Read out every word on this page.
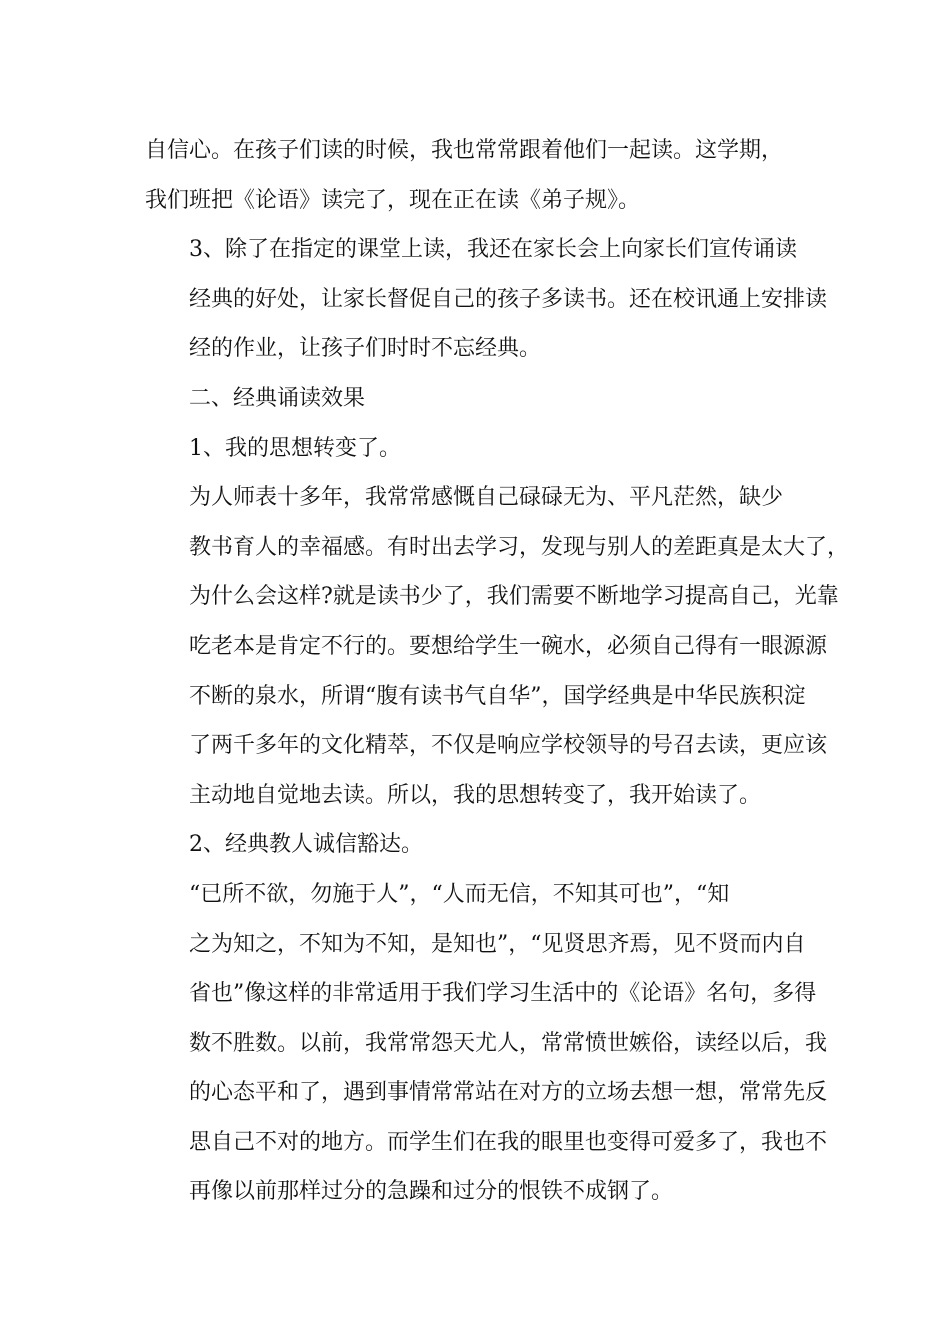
自信心。在孩子们读的时候，我也常常跟着他们一起读。这学期，
我们班把《论语》读完了，现在正在读《弟子规》。

3、除了在指定的课堂上读，我还在家长会上向家长们宣传诵读
经典的好处，让家长督促自己的孩子多读书。还在校讯通上安排读
经的作业，让孩子们时时不忘经典。

二、经典诵读效果

1、我的思想转变了。

为人师表十多年，我常常感慨自己碌碌无为、平凡茫然，缺少
教书育人的幸福感。有时出去学习，发现与别人的差距真是太大了，
为什么会这样?就是读书少了，我们需要不断地学习提高自己，光靠
吃老本是肯定不行的。要想给学生一碗水，必须自己得有一眼源源
不断的泉水，所谓“腹有读书气自华”，国学经典是中华民族积淀
了两千多年的文化精萃，不仅是响应学校领导的号召去读，更应该
主动地自觉地去读。所以，我的思想转变了，我开始读了。

2、经典教人诚信豁达。

“已所不欲，勿施于人”，“人而无信，不知其可也”，“知
之为知之，不知为不知，是知也”，“见贤思齐焉，见不贤而内自
省也”像这样的非常适用于我们学习生活中的《论语》名句，多得
数不胜数。以前，我常常怨天尤人，常常愤世嫉俗，读经以后，我
的心态平和了，遇到事情常常站在对方的立场去想一想，常常先反
思自己不对的地方。而学生们在我的眼里也变得可爱多了，我也不
再像以前那样过分的急躁和过分的恨铁不成钢了。
